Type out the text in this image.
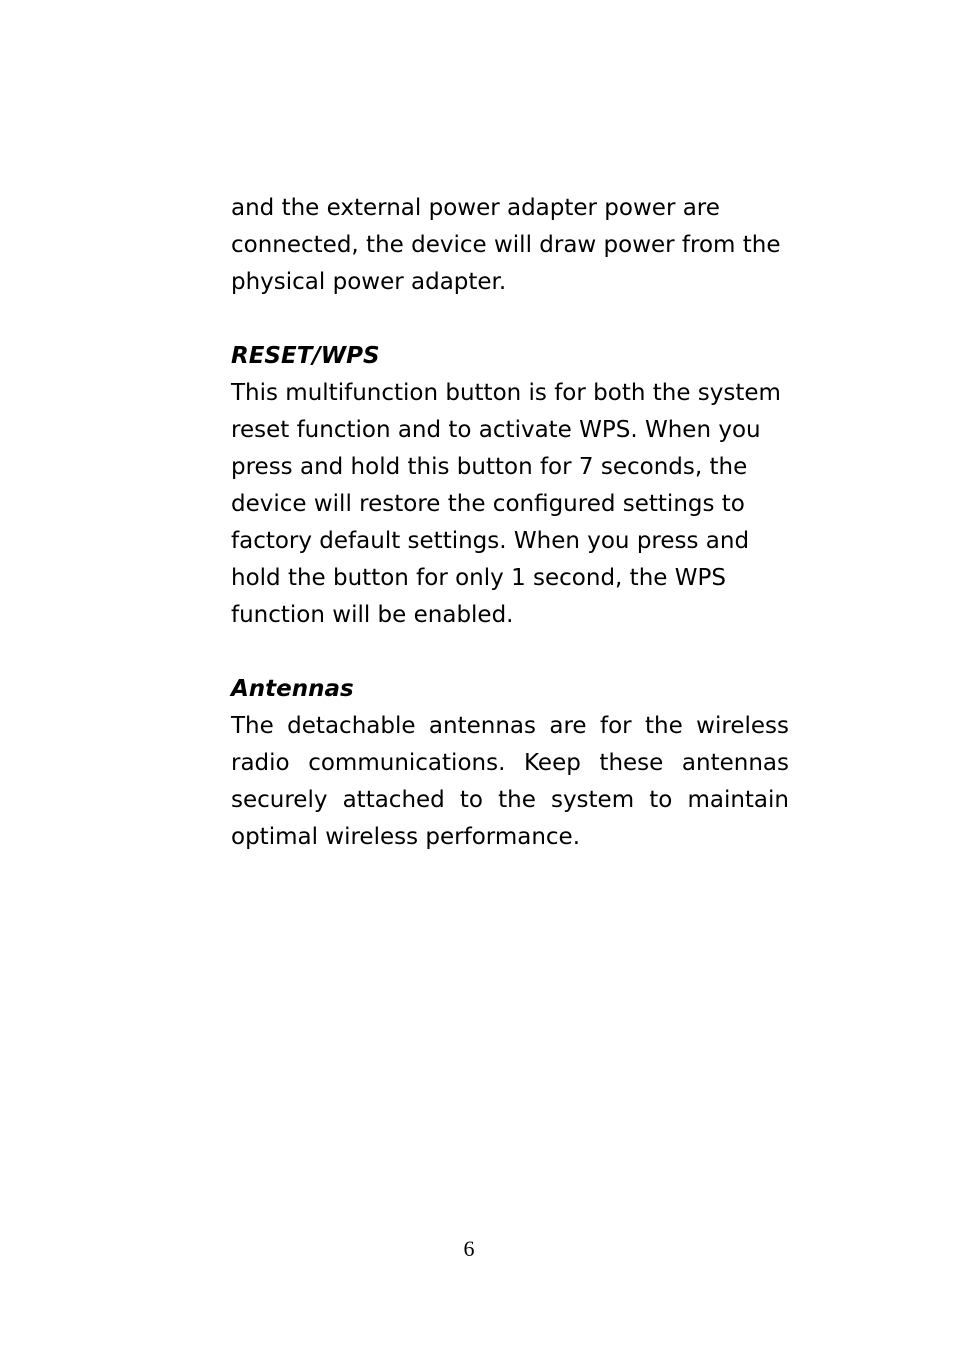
and the external power adapter power are connected, the device will draw power from the physical power adapter.

RESET/WPS

This multifunction button is for both the system reset function and to activate WPS. When you press and hold this button for 7 seconds, the device will restore the configured settings to factory default settings. When you press and hold the button for only 1 second, the WPS function will be enabled.

Antennas

The detachable antennas are for the wireless radio communications. Keep these antennas securely attached to the system to maintain optimal wireless performance.

6
